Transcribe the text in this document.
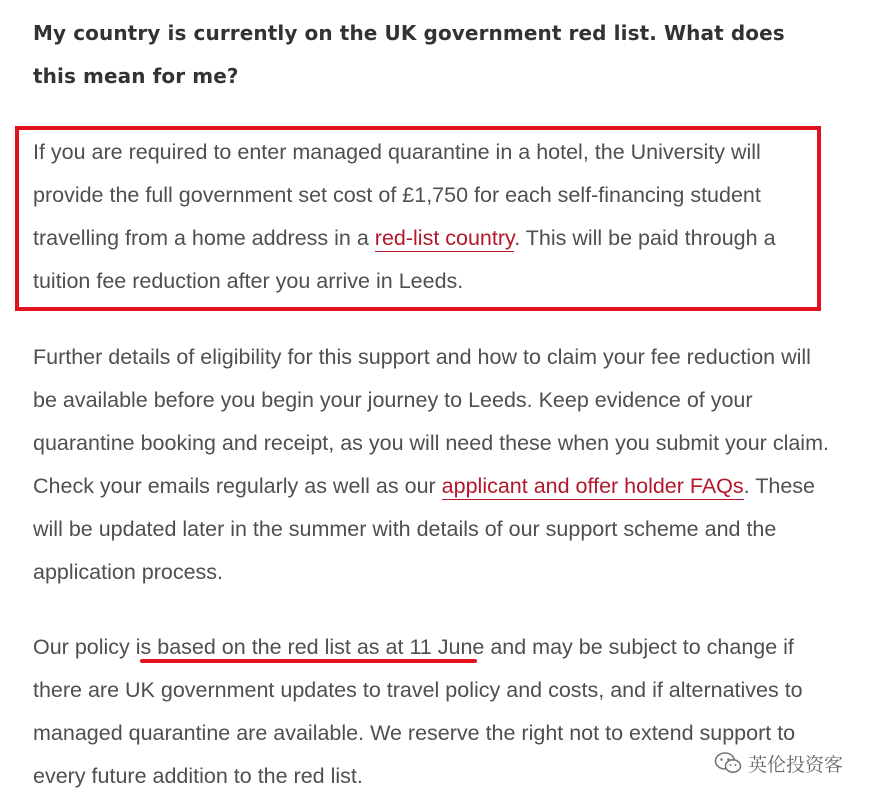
My country is currently on the UK government red list. What does this mean for me?

If you are required to enter managed quarantine in a hotel, the University will provide the full government set cost of £1,750 for each self-financing student travelling from a home address in a red-list country. This will be paid through a tuition fee reduction after you arrive in Leeds.

Further details of eligibility for this support and how to claim your fee reduction will be available before you begin your journey to Leeds. Keep evidence of your quarantine booking and receipt, as you will need these when you submit your claim. Check your emails regularly as well as our applicant and offer holder FAQs. These will be updated later in the summer with details of our support scheme and the application process.

Our policy is based on the red list as at 11 June and may be subject to change if there are UK government updates to travel policy and costs, and if alternatives to managed quarantine are available. We reserve the right not to extend support to every future addition to the red list.	英伦投资客
